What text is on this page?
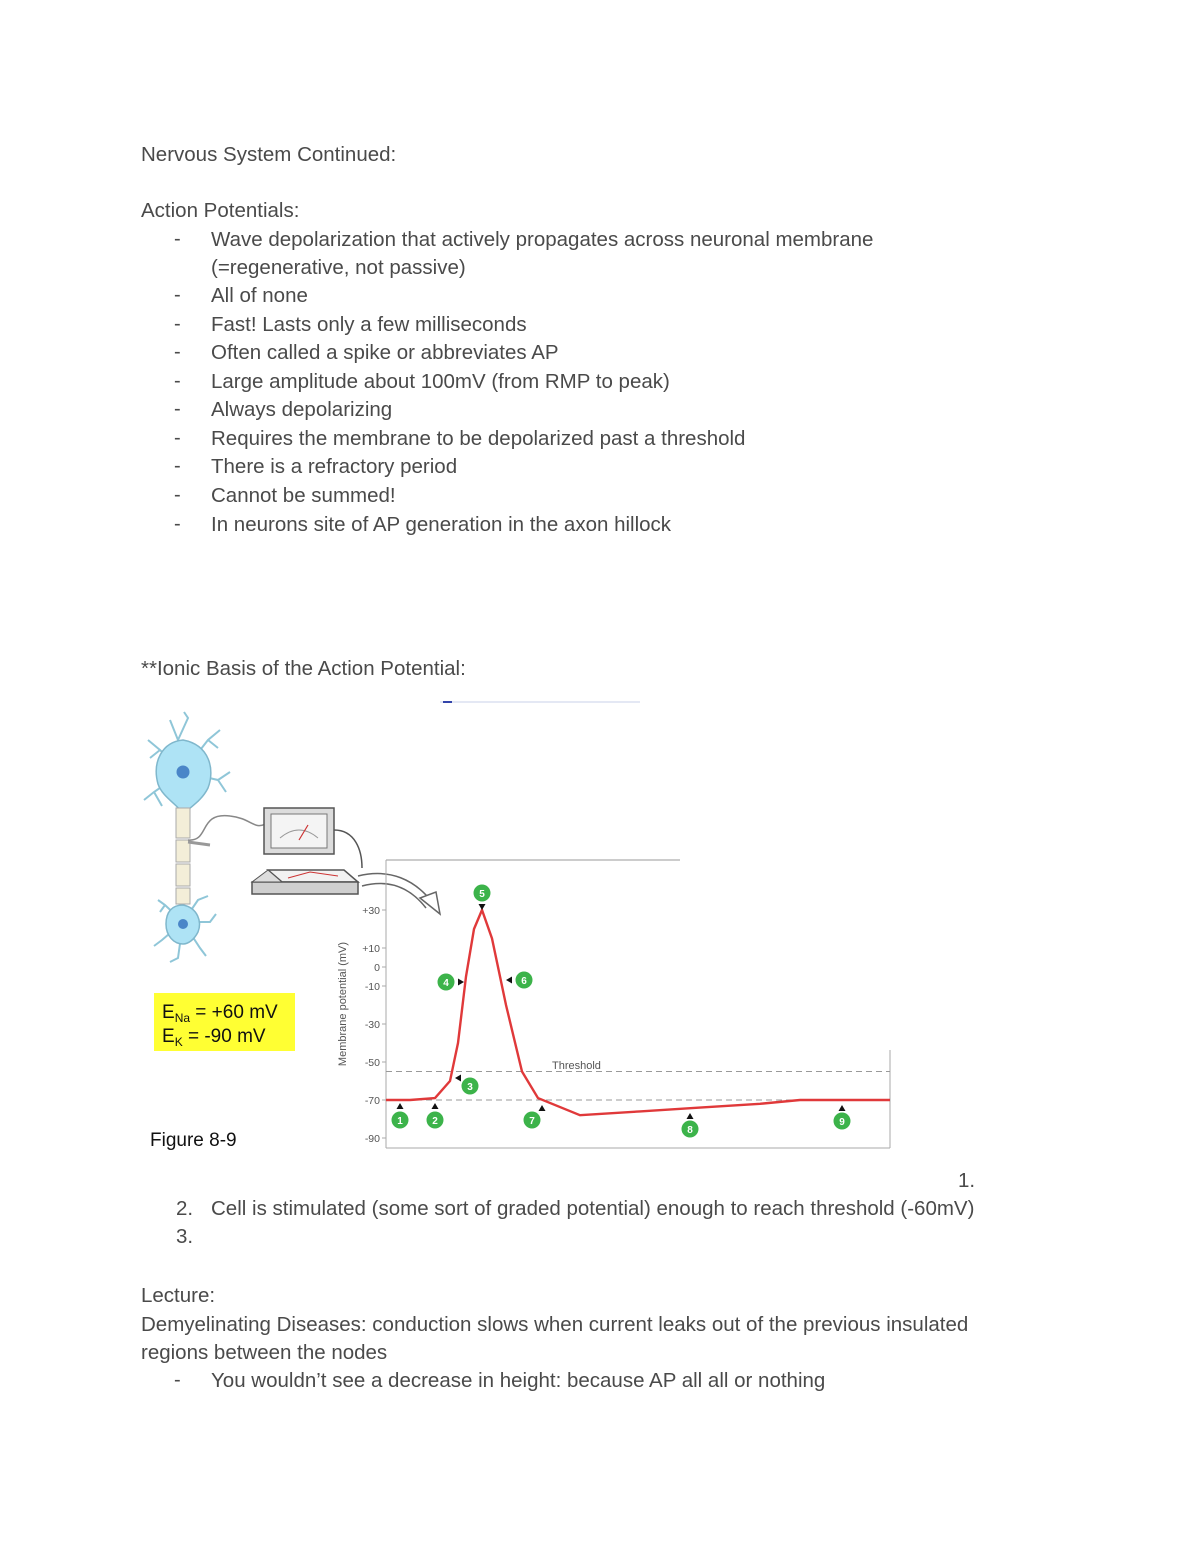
Nervous System Continued:
Action Potentials:
- Wave depolarization that actively propagates across neuronal membrane
(=regenerative, not passive)
- All of none
- Fast! Lasts only a few milliseconds
- Often called a spike or abbreviates AP
- Large amplitude about 100mV (from RMP to peak)
- Always depolarizing
- Requires the membrane to be depolarized past a threshold
- There is a refractory period
- Cannot be summed!
- In neurons site of AP generation in the axon hillock
**Ionic Basis of the Action Potential:
$E_{Na} = +60$ mV
$E_K = -90$ mV
Figure 8-9
Membrane potential (mV)
+30
+10
0
-10
-30
-50
-70
-90
Threshold
1	2
3
4
5
6
7
8
9
1.
2. Cell is stimulated (some sort of graded potential) enough to reach threshold (-60mV)
3.
Lecture:
Demyelinating Diseases: conduction slows when current leaks out of the previous insulated
regions between the nodes
- You wouldn’t see a decrease in height: because AP all all or nothing
